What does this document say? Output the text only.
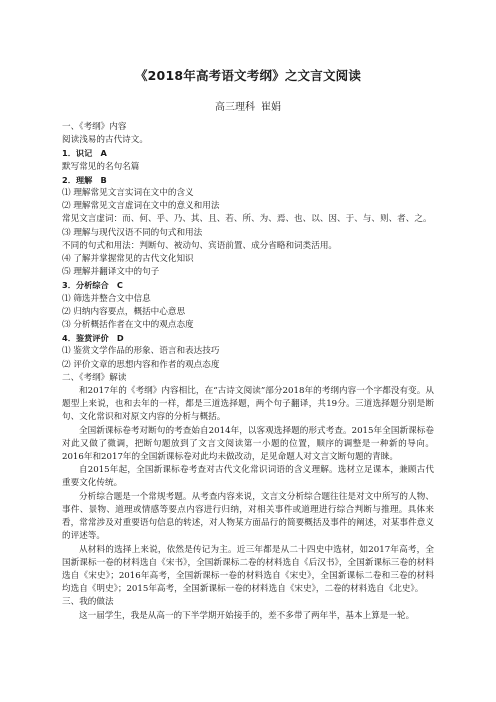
《2018年高考语文考纲》之文言文阅读
高三理科 崔娟
一、《考纲》内容
阅读浅易的古代诗文。
1．识记　A
默写常见的名句名篇
2．理解　B
⑴ 理解常见文言实词在文中的含义
⑵ 理解常见文言虚词在文中的意义和用法
常见文言虚词：而、何、乎、乃、其、且、若、所、为、焉、也、以、因、于、与、则、者、之。
⑶ 理解与现代汉语不同的句式和用法
不同的句式和用法：判断句、被动句、宾语前置、成分省略和词类活用。
⑷ 了解并掌握常见的古代文化知识
⑸ 理解并翻译文中的句子
3．分析综合　C
⑴ 筛选并整合文中信息
⑵ 归纳内容要点，概括中心意思
⑶ 分析概括作者在文中的观点态度
4．鉴赏评价　D
⑴ 鉴赏文学作品的形象、语言和表达技巧
⑵ 评价文章的思想内容和作者的观点态度
二、《考纲》解读
和2017年的《考纲》内容相比，在“古诗文阅读”部分2018年的考纲内容一个字都没有变。从题型上来说，也和去年的一样，都是三道选择题，两个句子翻译，共19分。三道选择题分别是断句、文化常识和对原文内容的分析与概括。
全国新课标卷考对断句的考查始自2014年，以客观选择题的形式考查。2015年全国新课标卷对此又做了微调，把断句题放到了文言文阅读第一小题的位置，顺序的调整是一种新的导向。2016年和2017年的全国新课标卷对此均未做改动，足见命题人对文言文断句题的青睐。
自2015年起，全国新课标卷考查对古代文化常识词语的含义理解。选材立足课本，兼顾古代重要文化传统。
分析综合题是一个常规考题。从考查内容来说，文言文分析综合题往往是对文中所写的人物、事件、景物、道理或情感等要点内容进行归纳，对相关事件或道理进行综合判断与推理。具体来看，常常涉及对重要语句信息的转述，对人物某方面品行的简要概括及事件的阐述，对某事件意义的评述等。
从材料的选择上来说，依然是传记为主。近三年都是从二十四史中选材，如2017年高考，全国新课标一卷的材料选自《宋书》，全国新课标二卷的材料选自《后汉书》，全国新课标三卷的材料选自《宋史》；2016年高考，全国新课标一卷的材料选自《宋史》，全国新课标二卷和三卷的材料均选自《明史》；2015年高考，全国新课标一卷的材料选自《宋史》，二卷的材料选自《北史》。
三、我的做法
这一届学生，我是从高一的下半学期开始接手的，差不多带了两年半，基本上算是一轮。
